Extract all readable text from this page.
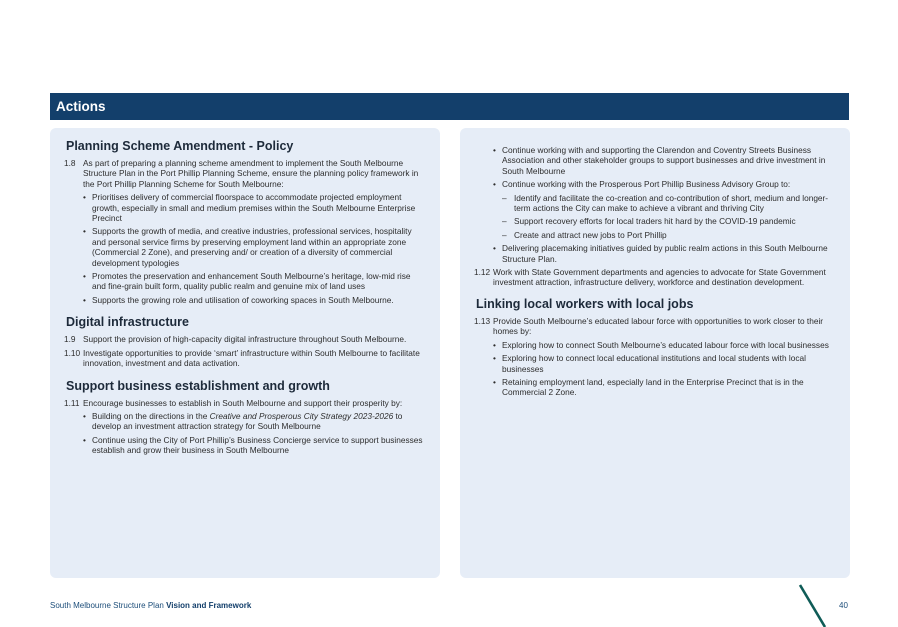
Actions
Planning Scheme Amendment - Policy
1.8 As part of preparing a planning scheme amendment to implement the South Melbourne Structure Plan in the Port Phillip Planning Scheme, ensure the planning policy framework in the Port Phillip Planning Scheme for South Melbourne:
• Prioritises delivery of commercial floorspace to accommodate projected employment growth, especially in small and medium premises within the South Melbourne Enterprise Precinct
• Supports the growth of media, and creative industries, professional services, hospitality and personal service firms by preserving employment land within an appropriate zone (Commercial 2 Zone), and preserving and/ or creation of a diversity of commercial development typologies
• Promotes the preservation and enhancement South Melbourne’s heritage, low-mid rise and fine-grain built form, quality public realm and genuine mix of land uses
• Supports the growing role and utilisation of coworking spaces in South Melbourne.
Digital infrastructure
1.9 Support the provision of high-capacity digital infrastructure throughout South Melbourne.
1.10 Investigate opportunities to provide ‘smart’ infrastructure within South Melbourne to facilitate innovation, investment and data activation.
Support business establishment and growth
1.11 Encourage businesses to establish in South Melbourne and support their prosperity by:
• Building on the directions in the Creative and Prosperous City Strategy 2023-2026 to develop an investment attraction strategy for South Melbourne
• Continue using the City of Port Phillip’s Business Concierge service to support businesses establish and grow their business in South Melbourne
• Continue working with and supporting the Clarendon and Coventry Streets Business Association and other stakeholder groups to support businesses and drive investment in South Melbourne
• Continue working with the Prosperous Port Phillip Business Advisory Group to:
– Identify and facilitate the co-creation and co-contribution of short, medium and longer-term actions the City can make to achieve a vibrant and thriving City
– Support recovery efforts for local traders hit hard by the COVID-19 pandemic
– Create and attract new jobs to Port Phillip
• Delivering placemaking initiatives guided by public realm actions in this South Melbourne Structure Plan.
1.12 Work with State Government departments and agencies to advocate for State Government investment attraction, infrastructure delivery, workforce and destination development.
Linking local workers with local jobs
1.13 Provide South Melbourne’s educated labour force with opportunities to work closer to their homes by:
• Exploring how to connect South Melbourne’s educated labour force with local businesses
• Exploring how to connect local educational institutions and local students with local businesses
• Retaining employment land, especially land in the Enterprise Precinct that is in the Commercial 2 Zone.
South Melbourne Structure Plan Vision and Framework	40
